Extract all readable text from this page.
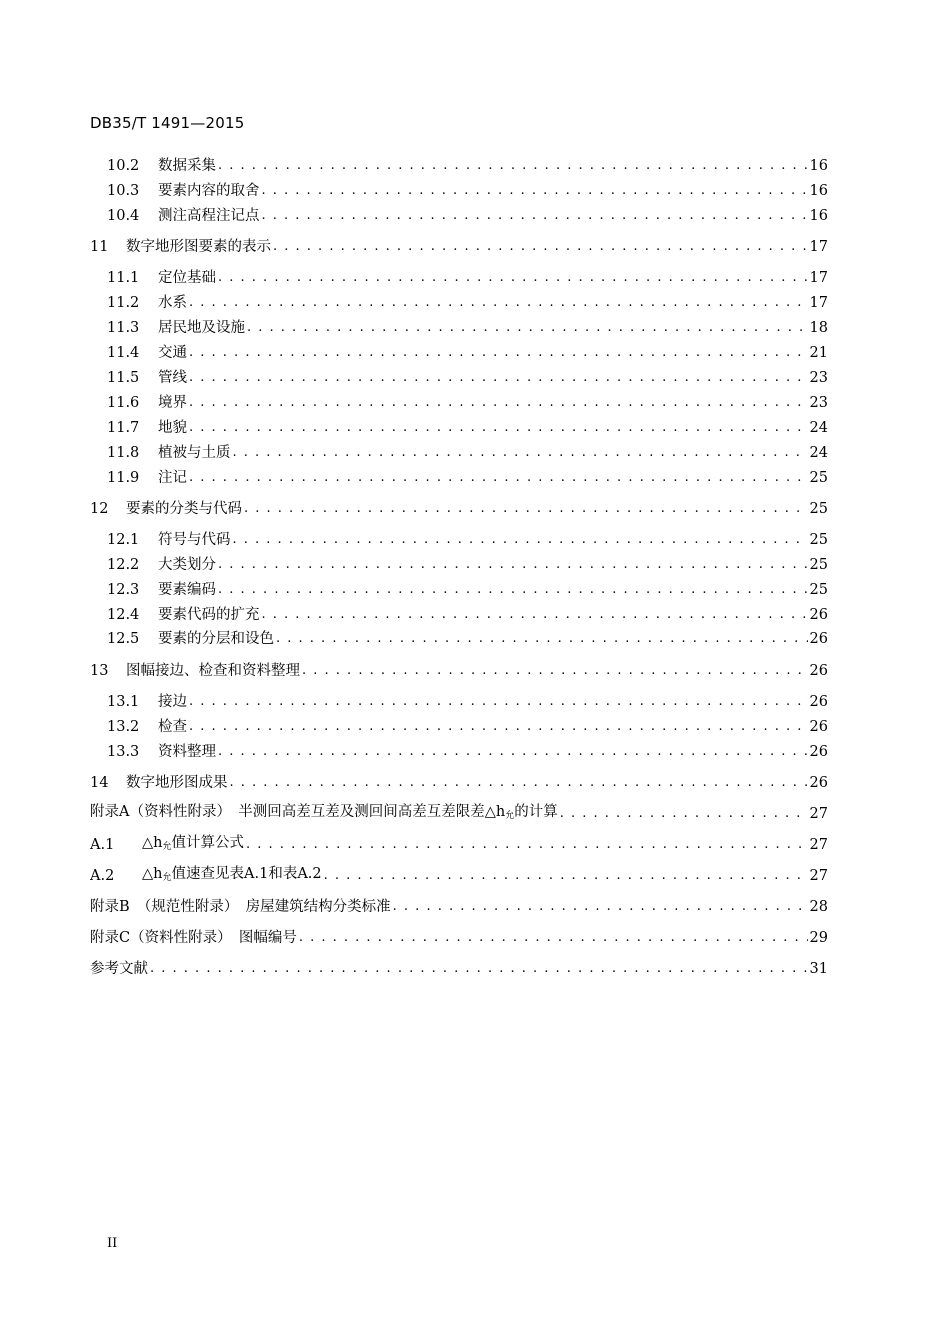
DB35/T 1491—2015
10.2	数据采集 . . .	16
10.3	要素内容的取舍 . . .	16
10.4	测注高程注记点 . . .	16
11	数字地形图要素的表示 . . .	17
11.1	定位基础 . . .	17
11.2	水系 . . .	17
11.3	居民地及设施 . . .	18
11.4	交通 . . .	21
11.5	管线 . . .	23
11.6	境界 . . .	23
11.7	地貌 . . .	24
11.8	植被与土质 . . .	24
11.9	注记 . . .	25
12	要素的分类与代码 . . .	25
12.1	符号与代码 . . .	25
12.2	大类划分 . . .	25
12.3	要素编码 . . .	25
12.4	要素代码的扩充 . . .	26
12.5	要素的分层和设色 . . .	26
13	图幅接边、检查和资料整理 . . .	26
13.1	接边 . . .	26
13.2	检查 . . .	26
13.3	资料整理 . . .	26
14	数字地形图成果 . . .	26
附录A（资料性附录）　半测回高差互差及测回间高差互差限差△h允的计算 . . .	27
A.1	△h允值计算公式 . . .	27
A.2	△h允值速查见表A.1和表A.2 . . .	27
附录B　（规范性附录）　房屋建筑结构分类标准 . . .	28
附录C（资料性附录）　图幅编号 . . .	29
参考文献 . . .	31
II
